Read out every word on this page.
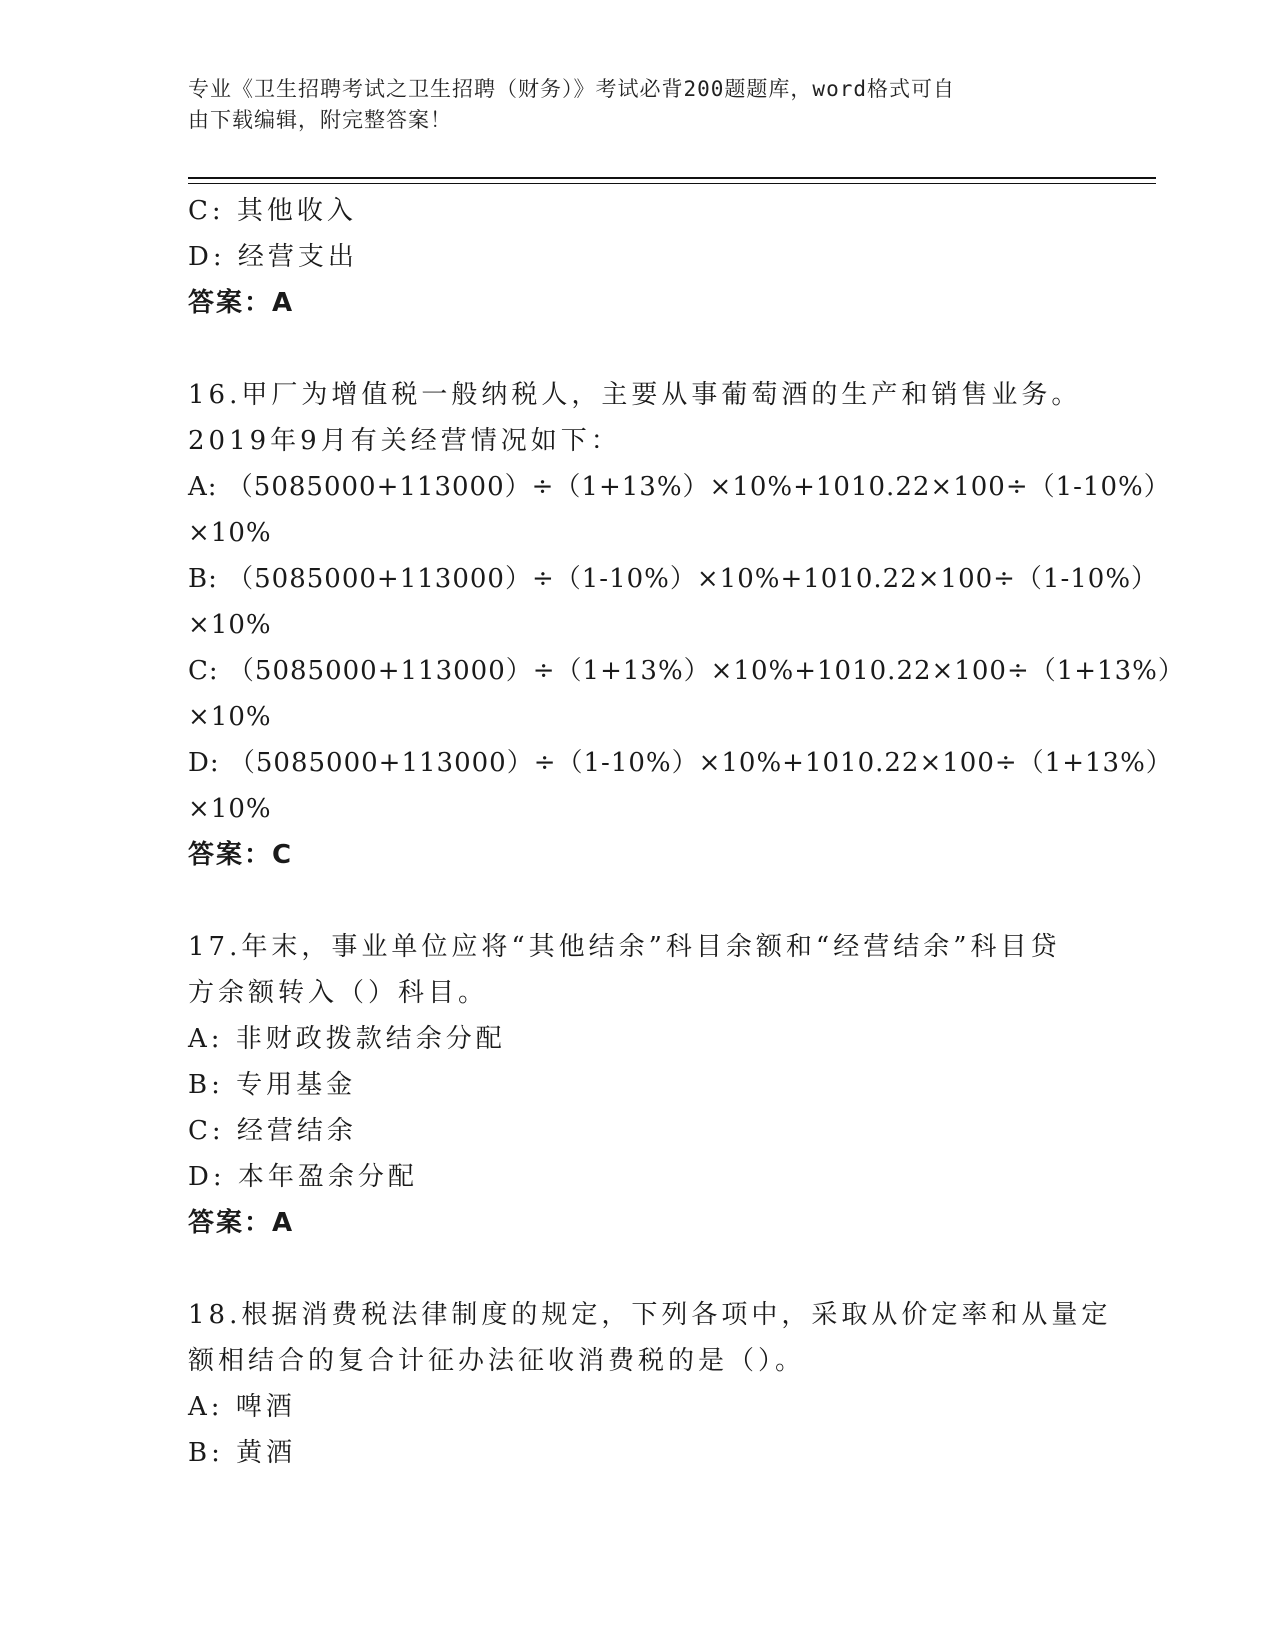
专业《卫生招聘考试之卫生招聘（财务）》考试必背200题题库，word格式可自
由下载编辑，附完整答案！
C: 其他收入
D: 经营支出
答案：A
16.甲厂为增值税一般纳税人，主要从事葡萄酒的生产和销售业务。
2019年9月有关经营情况如下：
A: （5085000+113000）÷（1+13%）×10%+1010.22×100÷（1-10%）
×10%
B: （5085000+113000）÷（1-10%）×10%+1010.22×100÷（1-10%）
×10%
C: （5085000+113000）÷（1+13%）×10%+1010.22×100÷（1+13%）
×10%
D: （5085000+113000）÷（1-10%）×10%+1010.22×100÷（1+13%）
×10%
答案：C
17.年末，事业单位应将“其他结余”科目余额和“经营结余”科目贷
方余额转入（）科目。
A: 非财政拨款结余分配
B: 专用基金
C: 经营结余
D: 本年盈余分配
答案：A
18.根据消费税法律制度的规定，下列各项中，采取从价定率和从量定
额相结合的复合计征办法征收消费税的是（）。
A: 啤酒
B: 黄酒
